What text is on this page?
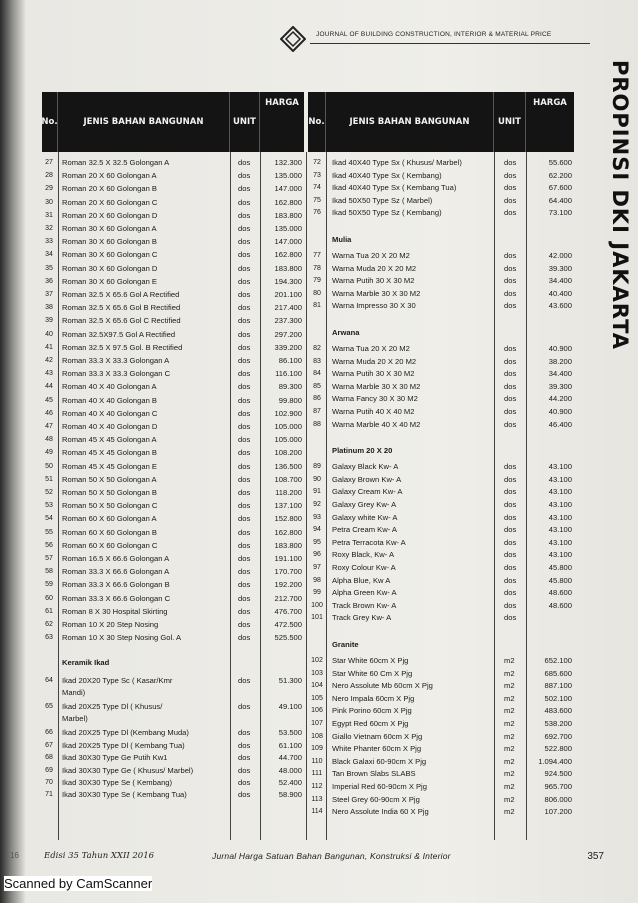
JOURNAL OF BUILDING CONSTRUCTION, INTERIOR & MATERIAL PRICE
PROPINSI DKI JAKARTA
No.	JENIS BAHAN BANGUNAN	UNIT
HARGA
No.	JENIS BAHAN BANGUNAN	UNIT
HARGA
27	Roman 32.5 X 32.5 Golongan A	dos	132.300
28	Roman 20 X 60 Golongan A	dos	135.000
29	Roman 20 X 60 Golongan B	dos	147.000
30	Roman 20 X 60 Golongan C	dos	162.800
31	Roman 20 X 60 Golongan D	dos	183.800
32	Roman 30 X 60 Golongan A	dos	135.000
33	Roman 30 X 60 Golongan B	dos	147.000
34	Roman 30 X 60 Golongan C	dos	162.800
35	Roman 30 X 60 Golongan D	dos	183.800
36	Roman 30 X 60 Golongan E	dos	194.300
37	Roman 32.5 X 65.6 Gol A Rectified	dos	201.100
38	Roman 32.5 X 65.6 Gol B Rectified	dos	217.400
39	Roman 32.5 X 65.6 Gol C Rectified	dos	237.300
40	Roman 32.5X97.5 Gol A Rectified	dos	297.200
41	Roman 32.5 X 97.5 Gol. B Rectified	dos	339.200
42	Roman 33.3 X 33.3 Golongan A	dos	86.100
43	Roman 33.3 X 33.3 Golongan C	dos	116.100
44	Roman 40 X 40 Golongan A	dos	89.300
45	Roman 40 X 40 Golongan B	dos	99.800
46	Roman 40 X 40 Golongan C	dos	102.900
47	Roman 40 X 40 Golongan D	dos	105.000
48	Roman 45 X 45 Golongan A	dos	105.000
49	Roman 45 X 45 Golongan B	dos	108.200
50	Roman 45 X 45 Golongan E	dos	136.500
51	Roman 50 X 50 Golongan A	dos	108.700
52	Roman 50 X 50 Golongan B	dos	118.200
53	Roman 50 X 50 Golongan C	dos	137.100
54	Roman 60 X 60 Golongan A	dos	152.800
55	Roman 60 X 60 Golongan B	dos	162.800
56	Roman 60 X 60 Golongan C	dos	183.800
57	Roman 16.5 X 66.6 Golongan A	dos	191.100
58	Roman 33.3 X 66.6 Golongan A	dos	170.700
59	Roman 33.3 X 66.6 Golongan B	dos	192.200
60	Roman 33.3 X 66.6 Golongan C	dos	212.700
61	Roman 8 X 30 Hospital Skirting	dos	476.700
62	Roman 10 X 20 Step Nosing	dos	472.500
63	Roman 10 X 30 Step Nosing Gol. A	dos	525.500
Keramik Ikad
64	Ikad 20X20 Type Sc ( Kasar/Kmr	dos	51.300
Mandi)
65	Ikad 20X25 Type Dl ( Khusus/	dos	49.100
Marbel)
66	Ikad 20X25 Type Dl (Kembang Muda)	dos	53.500
67	Ikad 20X25 Type Dl ( Kembang Tua)	dos	61.100
68	Ikad 30X30 Type Ge Putih Kw1	dos	44.700
69	Ikad 30X30 Type Ge ( Khusus/ Marbel)	dos	48.000
70	Ikad 30X30 Type Se ( Kembang)	dos	52.400
71	Ikad 30X30 Type Se ( Kembang Tua)	dos	58.900
72	Ikad 40X40 Type Sx ( Khusus/ Marbel)	dos	55.600
73	Ikad 40X40 Type Sx ( Kembang)	dos	62.200
74	Ikad 40X40 Type Sx ( Kembang Tua)	dos	67.600
75	Ikad 50X50 Type Sz ( Marbel)	dos	64.400
76	Ikad 50X50 Type Sz ( Kembang)	dos	73.100
Mulia
77	Warna Tua 20 X 20 M2	dos	42.000
78	Warna Muda 20 X 20 M2	dos	39.300
79	Warna Putih 30 X 30 M2	dos	34.400
80	Warna Marble 30 X 30 M2	dos	40.400
81	Warna Impresso 30 X 30	dos	43.600
Arwana
82	Warna Tua 20 X 20 M2	dos	40.900
83	Warna Muda 20 X 20 M2	dos	38.200
84	Warna Putih 30 X 30 M2	dos	34.400
85	Warna Marble 30 X 30 M2	dos	39.300
86	Warna Fancy 30 X 30 M2	dos	44.200
87	Warna Putih 40 X 40 M2	dos	40.900
88	Warna Marble 40 X 40 M2	dos	46.400
Platinum 20 X 20
89	Galaxy Black Kw- A	dos	43.100
90	Galaxy Brown Kw- A	dos	43.100
91	Galaxy Cream Kw- A	dos	43.100
92	Galaxy Grey Kw- A	dos	43.100
93	Galaxy white Kw- A	dos	43.100
94	Petra Cream Kw- A	dos	43.100
95	Petra Terracota Kw- A	dos	43.100
96	Roxy Black, Kw- A	dos	43.100
97	Roxy Colour Kw- A	dos	45.800
98	Alpha Blue, Kw A	dos	45.800
99	Alpha Green Kw- A	dos	48.600
100	Track Brown Kw- A	dos	48.600
101	Track Grey Kw- A	dos
Granite
102	Star White 60cm X Pjg	m2	652.100
103	Star White 60 Cm X Pjg	m2	685.600
104	Nero Assolute Mb 60cm X Pjg	m2	887.100
105	Nero Impala 60cm X Pjg	m2	502.100
106	Pink Porino 60cm X Pjg	m2	483.600
107	Egypt Red 60cm X Pjg	m2	538.200
108	Giallo Vietnam 60cm X Pjg	m2	692.700
109	White Phanter 60cm X Pjg	m2	522.800
110	Black Galaxi 60-90cm X Pjg	m2	1.094.400
111	Tan Brown Slabs SLABS	m2	924.500
112	Imperial Red 60-90cm X Pjg	m2	965.700
113	Steel Grey 60-90cm X Pjg	m2	806.000
114	Nero Assolute India 60 X Pjg	m2	107.200
16	Edisi 35 Tahun XXII 2016	Jurnal Harga Satuan Bahan Bangunan, Konstruksi & Interior	357
Scanned by CamScanner
